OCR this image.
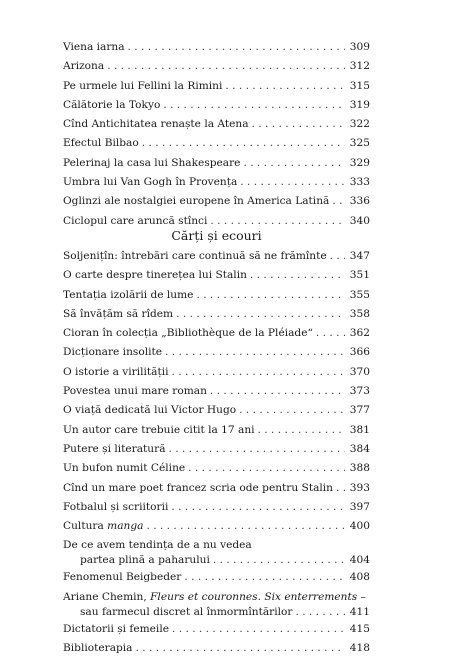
Viena iarna . . .	309
Arizona . . .	312
Pe urmele lui Fellini la Rimini . . .	315
Călătorie la Tokyo . . .	319
Cînd Antichitatea renaște la Atena . . .	322
Efectul Bilbao . . .	325
Pelerinaj la casa lui Shakespeare . . .	329
Umbra lui Van Gogh în Provența . . .	333
Oglinzi ale nostalgiei europene în America Latină . . . 336
Ciclopul care aruncă stînci . . .	340
Cărți și ecouri
Soljenițîn: întrebări care continuă să ne frămînte . . . 347
O carte despre tinerețea lui Stalin . . .	351
Tentația izolării de lume . . .	355
Să învățăm să rîdem . . .	358
Cioran în colecția „Bibliothèque de la Pléiade“ . . .	362
Dicționare insolite . . .	366
O istorie a virilității . . .	370
Povestea unui mare roman . . .	373
O viață dedicată lui Victor Hugo . . .	377
Un autor care trebuie citit la 17 ani . . .	381
Putere și literatură . . .	384
Un bufon numit Céline . . .	388
Cînd un mare poet francez scria ode pentru Stalin . . . 393
Fotbalul și scriitorii . . .	397
Cultura manga . . .	400
De ce avem tendința de a nu vedea
partea plină a paharului . . .	404
Fenomenul Beigbeder . . .	408
Ariane Chemin, Fleurs et couronnes. Six enterrements –
sau farmecul discret al înmormîntărilor . . .	411
Dictatorii și femeile . . .	415
Biblioterapia . . .	418
